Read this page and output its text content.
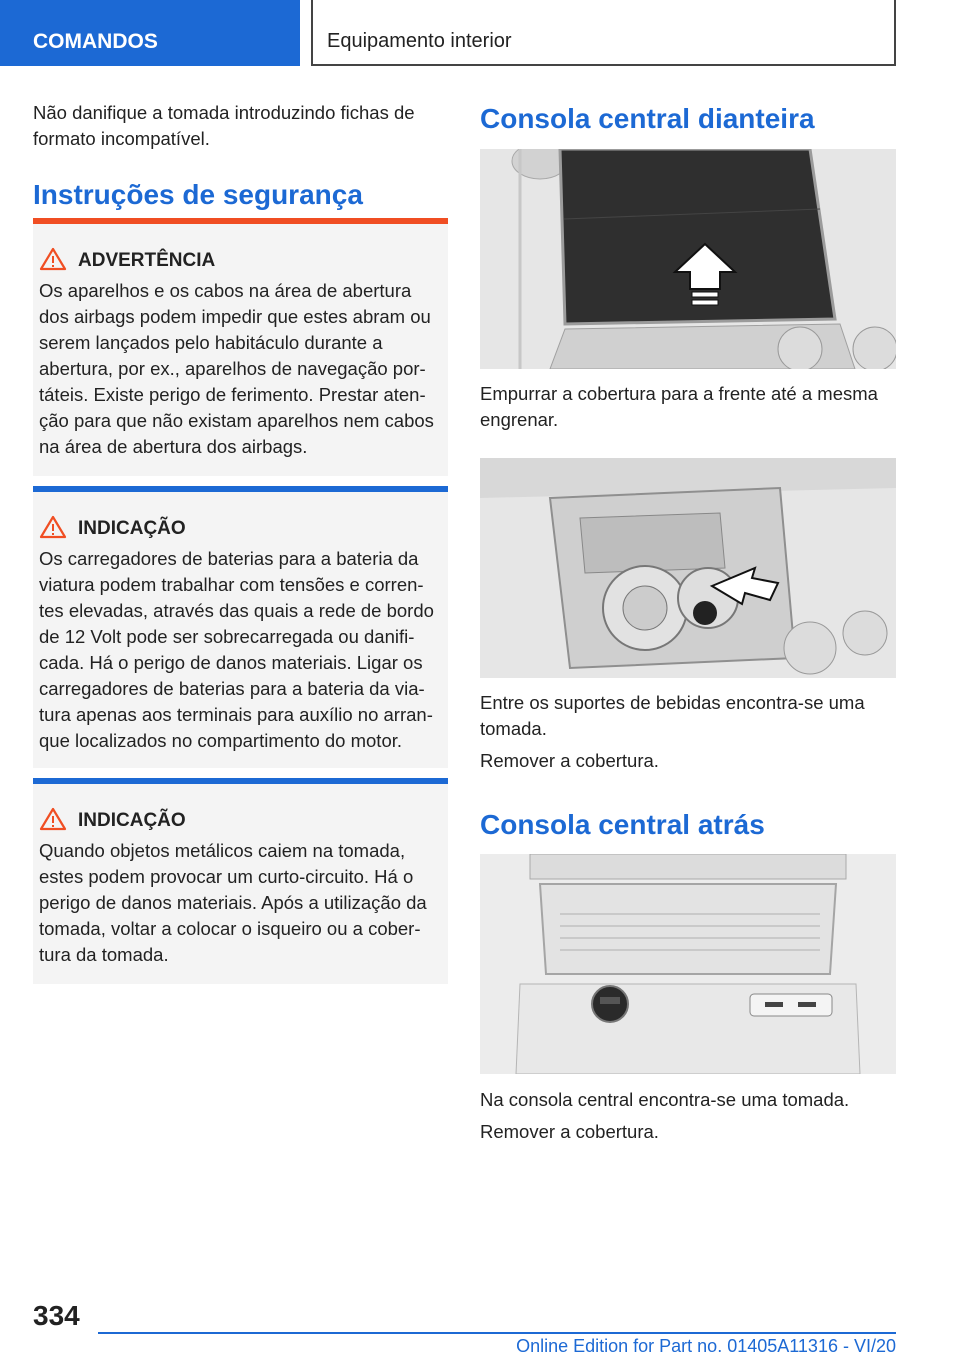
COMANDOS	Equipamento interior

Não danifique a tomada introduzindo fichas de formato incompatível.

Instruções de segurança
ADVERTÊNCIA
Os aparelhos e os cabos na área de abertura dos airbags podem impedir que estes abram ou serem lançados pelo habitáculo durante a abertura, por ex., aparelhos de navegação por-táteis. Existe perigo de ferimento. Prestar aten-ção para que não existam aparelhos nem cabos na área de abertura dos airbags.
INDICAÇÃO
Os carregadores de baterias para a bateria da viatura podem trabalhar com tensões e corren-tes elevadas, através das quais a rede de bordo de 12 Volt pode ser sobrecarregada ou danifi-cada. Há o perigo de danos materiais. Ligar os carregadores de baterias para a bateria da via-tura apenas aos terminais para auxílio no arran-que localizados no compartimento do motor.
INDICAÇÃO
Quando objetos metálicos caiem na tomada, estes podem provocar um curto-circuito. Há o perigo de danos materiais. Após a utilização da tomada, voltar a colocar o isqueiro ou a cober-tura da tomada.
Consola central dianteira
Empurrar a cobertura para a frente até a mesma engrenar.
Entre os suportes de bebidas encontra-se uma tomada.
Remover a cobertura.
Consola central atrás
Na consola central encontra-se uma tomada.
Remover a cobertura.
334
Online Edition for Part no. 01405A11316 - VI/20
